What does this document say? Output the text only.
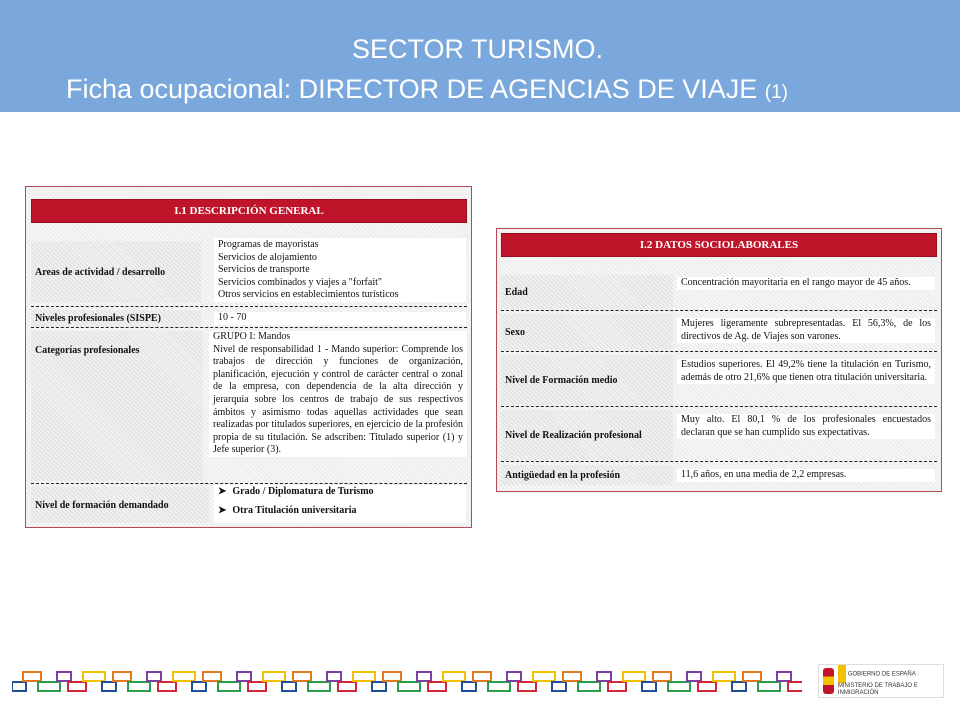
SECTOR TURISMO.
Ficha ocupacional: DIRECTOR DE AGENCIAS DE VIAJE (1)
I.1 DESCRIPCIÓN GENERAL
Areas de actividad / desarrollo
Programas de mayoristas
Servicios de alojamiento
Servicios de transporte
Servicios combinados y viajes a "forfait"
Otros servicios en establecimientos turísticos
Niveles profesionales (SISPE)	10 - 70
Categorías profesionales
GRUPO I: Mandos
Nivel de responsabilidad 1 - Mando superior: Comprende los trabajos de dirección y funciones de organización, planificación, ejecución y control de carácter central o zonal de la empresa, con dependencia de la alta dirección y jerarquía sobre los centros de trabajo de sus respectivos ámbitos y asimismo todas aquellas actividades que sean realizadas por titulados superiores, en ejercicio de la profesión propia de su titulación. Se adscriben: Titulado superior (1) y Jefe superior (3).
Nivel de formación demandado
➤ Grado / Diplomatura de Turismo
➤ Otra Titulación universitaria
I.2 DATOS SOCIOLABORALES
Edad
Concentración mayoritaria en el rango mayor de 45 años.
Sexo
Mujeres ligeramente subrepresentadas. El 56,3%, de los directivos de Ag. de Viajes son varones.
Nivel de Formación medio
Estudios superiores. El 49,2% tiene la titulación en Turismo, además de otro 21,6% que tienen otra titulación universitaria.
Nivel de Realización profesional
Muy alto. El 80,1 % de los profesionales encuestados declaran que se han cumplido sus expectativas.
Antigüedad en la profesión	11,6 años, en una media de 2,2 empresas.
GOBIERNO DE ESPAÑA · MINISTERIO DE TRABAJO E INMIGRACIÓN
